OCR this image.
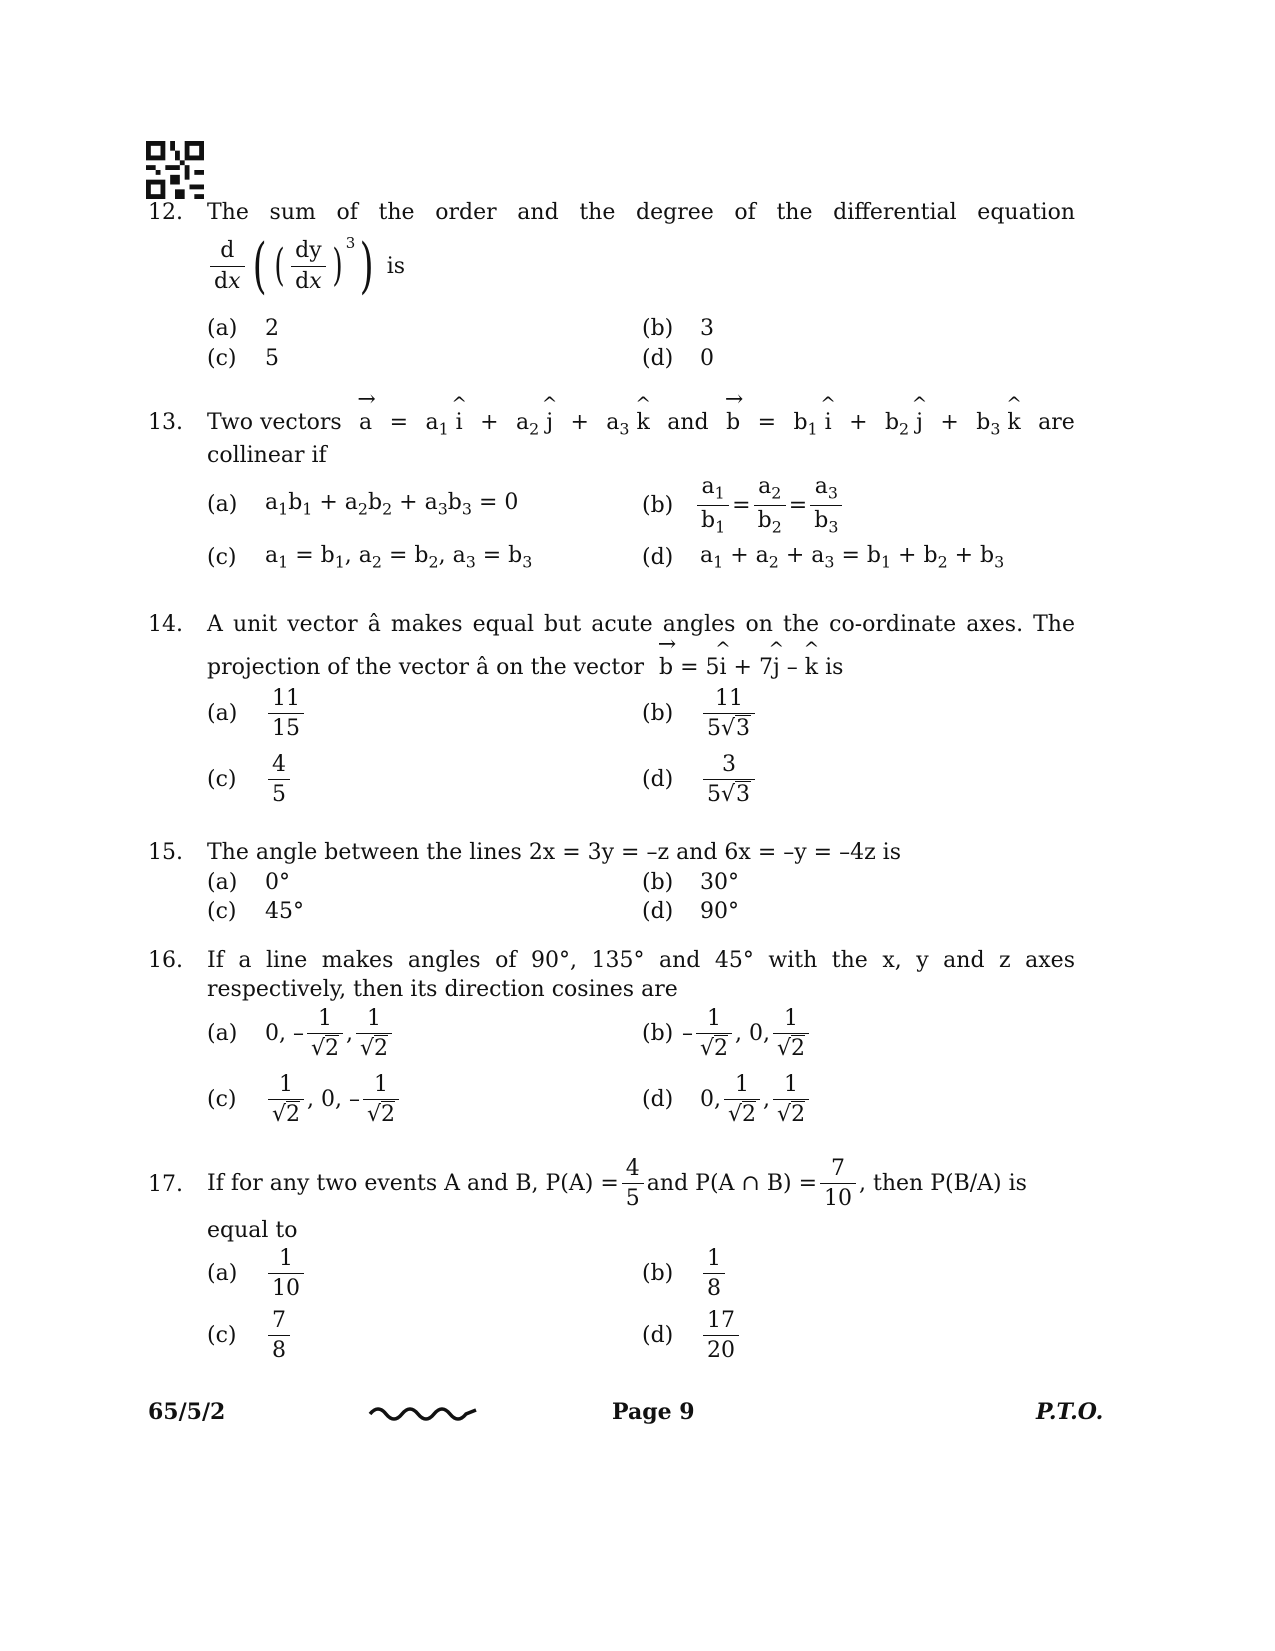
12. The sum of the order and the degree of the differential equation
$\frac{d}{dx}$ ( ( $\frac{dy}{dx}$ ) 3 ) is
(a)	2	(b)	3
(c)	5	(d)	0
13. Two vectors → $a = a_1$ ^ $i + a_2$ ^ $j + a_3$ ^ k and → $b = b_1$ ^ $i + b_2$ ^ $j + b_3$ ^ k are
collinear if
(a)	$a_1b_1 + a_2b_2 + a_3b_3 = 0$	(b)	$\frac{a_1}{b_1} = \frac{a_2}{b_2} = \frac{a_3}{b_3}$
(c)	$a_1 = b_1$, $a_2 = b_2$, $a_3 = b_3$	(d)	$a_1 + a_2 + a_3 = b_1 + b_2 + b_3$
14. A unit vector â makes equal but acute angles on the co-ordinate axes. The
projection of the vector â on the vector → b = 5^ i + 7^ j – ^ k is
(a)	$\frac{11}{15}$	(b)	$\frac{11}{5√3}$
(c)	$\frac{4}{5}$	(d)	$\frac{3}{5√3}$
15. The angle between the lines 2x = 3y = –z and 6x = –y = –4z is
(a)	0°	(b)	30°
(c)	45°	(d)	90°
16. If a line makes angles of 90°, 135° and 45° with the x, y and z axes
respectively, then its direction cosines are
(a)	0, – $\frac{1}{√2}$ , $\frac{1}{√2}$	$(b) - \frac{1}{√2}$ , 0, $\frac{1}{√2}$
(c)	$\frac{1}{√2}$ , 0, – $\frac{1}{√2}$	(d)	0, $\frac{1}{√2}$ , $\frac{1}{√2}$
17. If for any two events A and B, $P(A) = \frac{4}{5}$ and P(A ∩ $B) = \frac{7}{10}$ , then P(B/A) is
equal to
(a)	$\frac{1}{10}$	(b)	$\frac{1}{8}$
(c)	$\frac{7}{8}$	(d)	$\frac{17}{20}$
65/5/2	Page 9	P.T.O.
